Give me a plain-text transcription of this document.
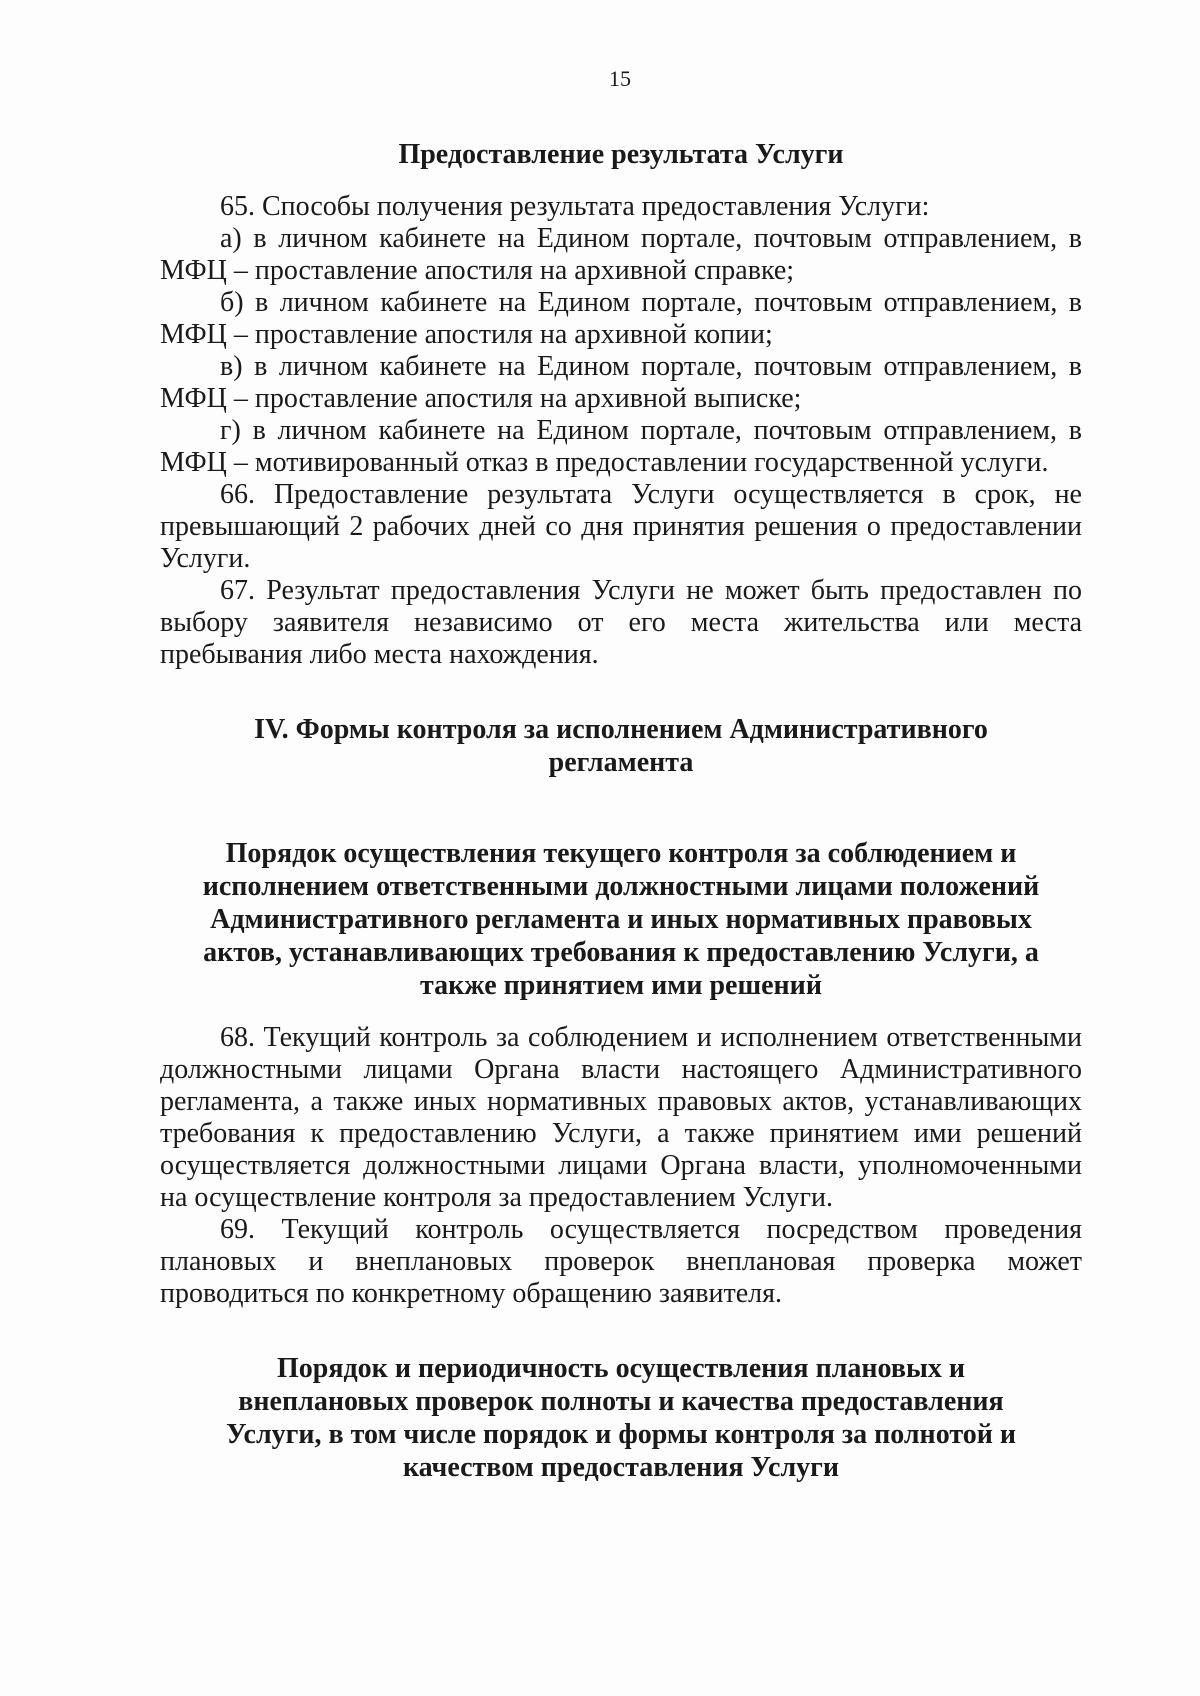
15
Предоставление результата Услуги

65. Способы получения результата предоставления Услуги:

а) в личном кабинете на Едином портале, почтовым отправлением, в МФЦ – проставление апостиля на архивной справке;

б) в личном кабинете на Едином портале, почтовым отправлением, в МФЦ – проставление апостиля на архивной копии;

в) в личном кабинете на Едином портале, почтовым отправлением, в МФЦ – проставление апостиля на архивной выписке;

г) в личном кабинете на Едином портале, почтовым отправлением, в МФЦ – мотивированный отказ в предоставлении государственной услуги.

66. Предоставление результата Услуги осуществляется в срок, не превышающий 2 рабочих дней со дня принятия решения о предоставлении Услуги.

67. Результат предоставления Услуги не может быть предоставлен по выбору заявителя независимо от его места жительства или места пребывания либо места нахождения.

IV. Формы контроля за исполнением Административного регламента
Порядок осуществления текущего контроля за соблюдением и исполнением ответственными должностными лицами положений Административного регламента и иных нормативных правовых актов, устанавливающих требования к предоставлению Услуги, а также принятием ими решений

68. Текущий контроль за соблюдением и исполнением ответственными должностными лицами Органа власти настоящего Административного регламента, а также иных нормативных правовых актов, устанавливающих требования к предоставлению Услуги, а также принятием ими решений осуществляется должностными лицами Органа власти, уполномоченными на осуществление контроля за предоставлением Услуги.

69. Текущий контроль осуществляется посредством проведения плановых и внеплановых проверок внеплановая проверка может проводиться по конкретному обращению заявителя.

Порядок и периодичность осуществления плановых и внеплановых проверок полноты и качества предоставления Услуги, в том числе порядок и формы контроля за полнотой и качеством предоставления Услуги
